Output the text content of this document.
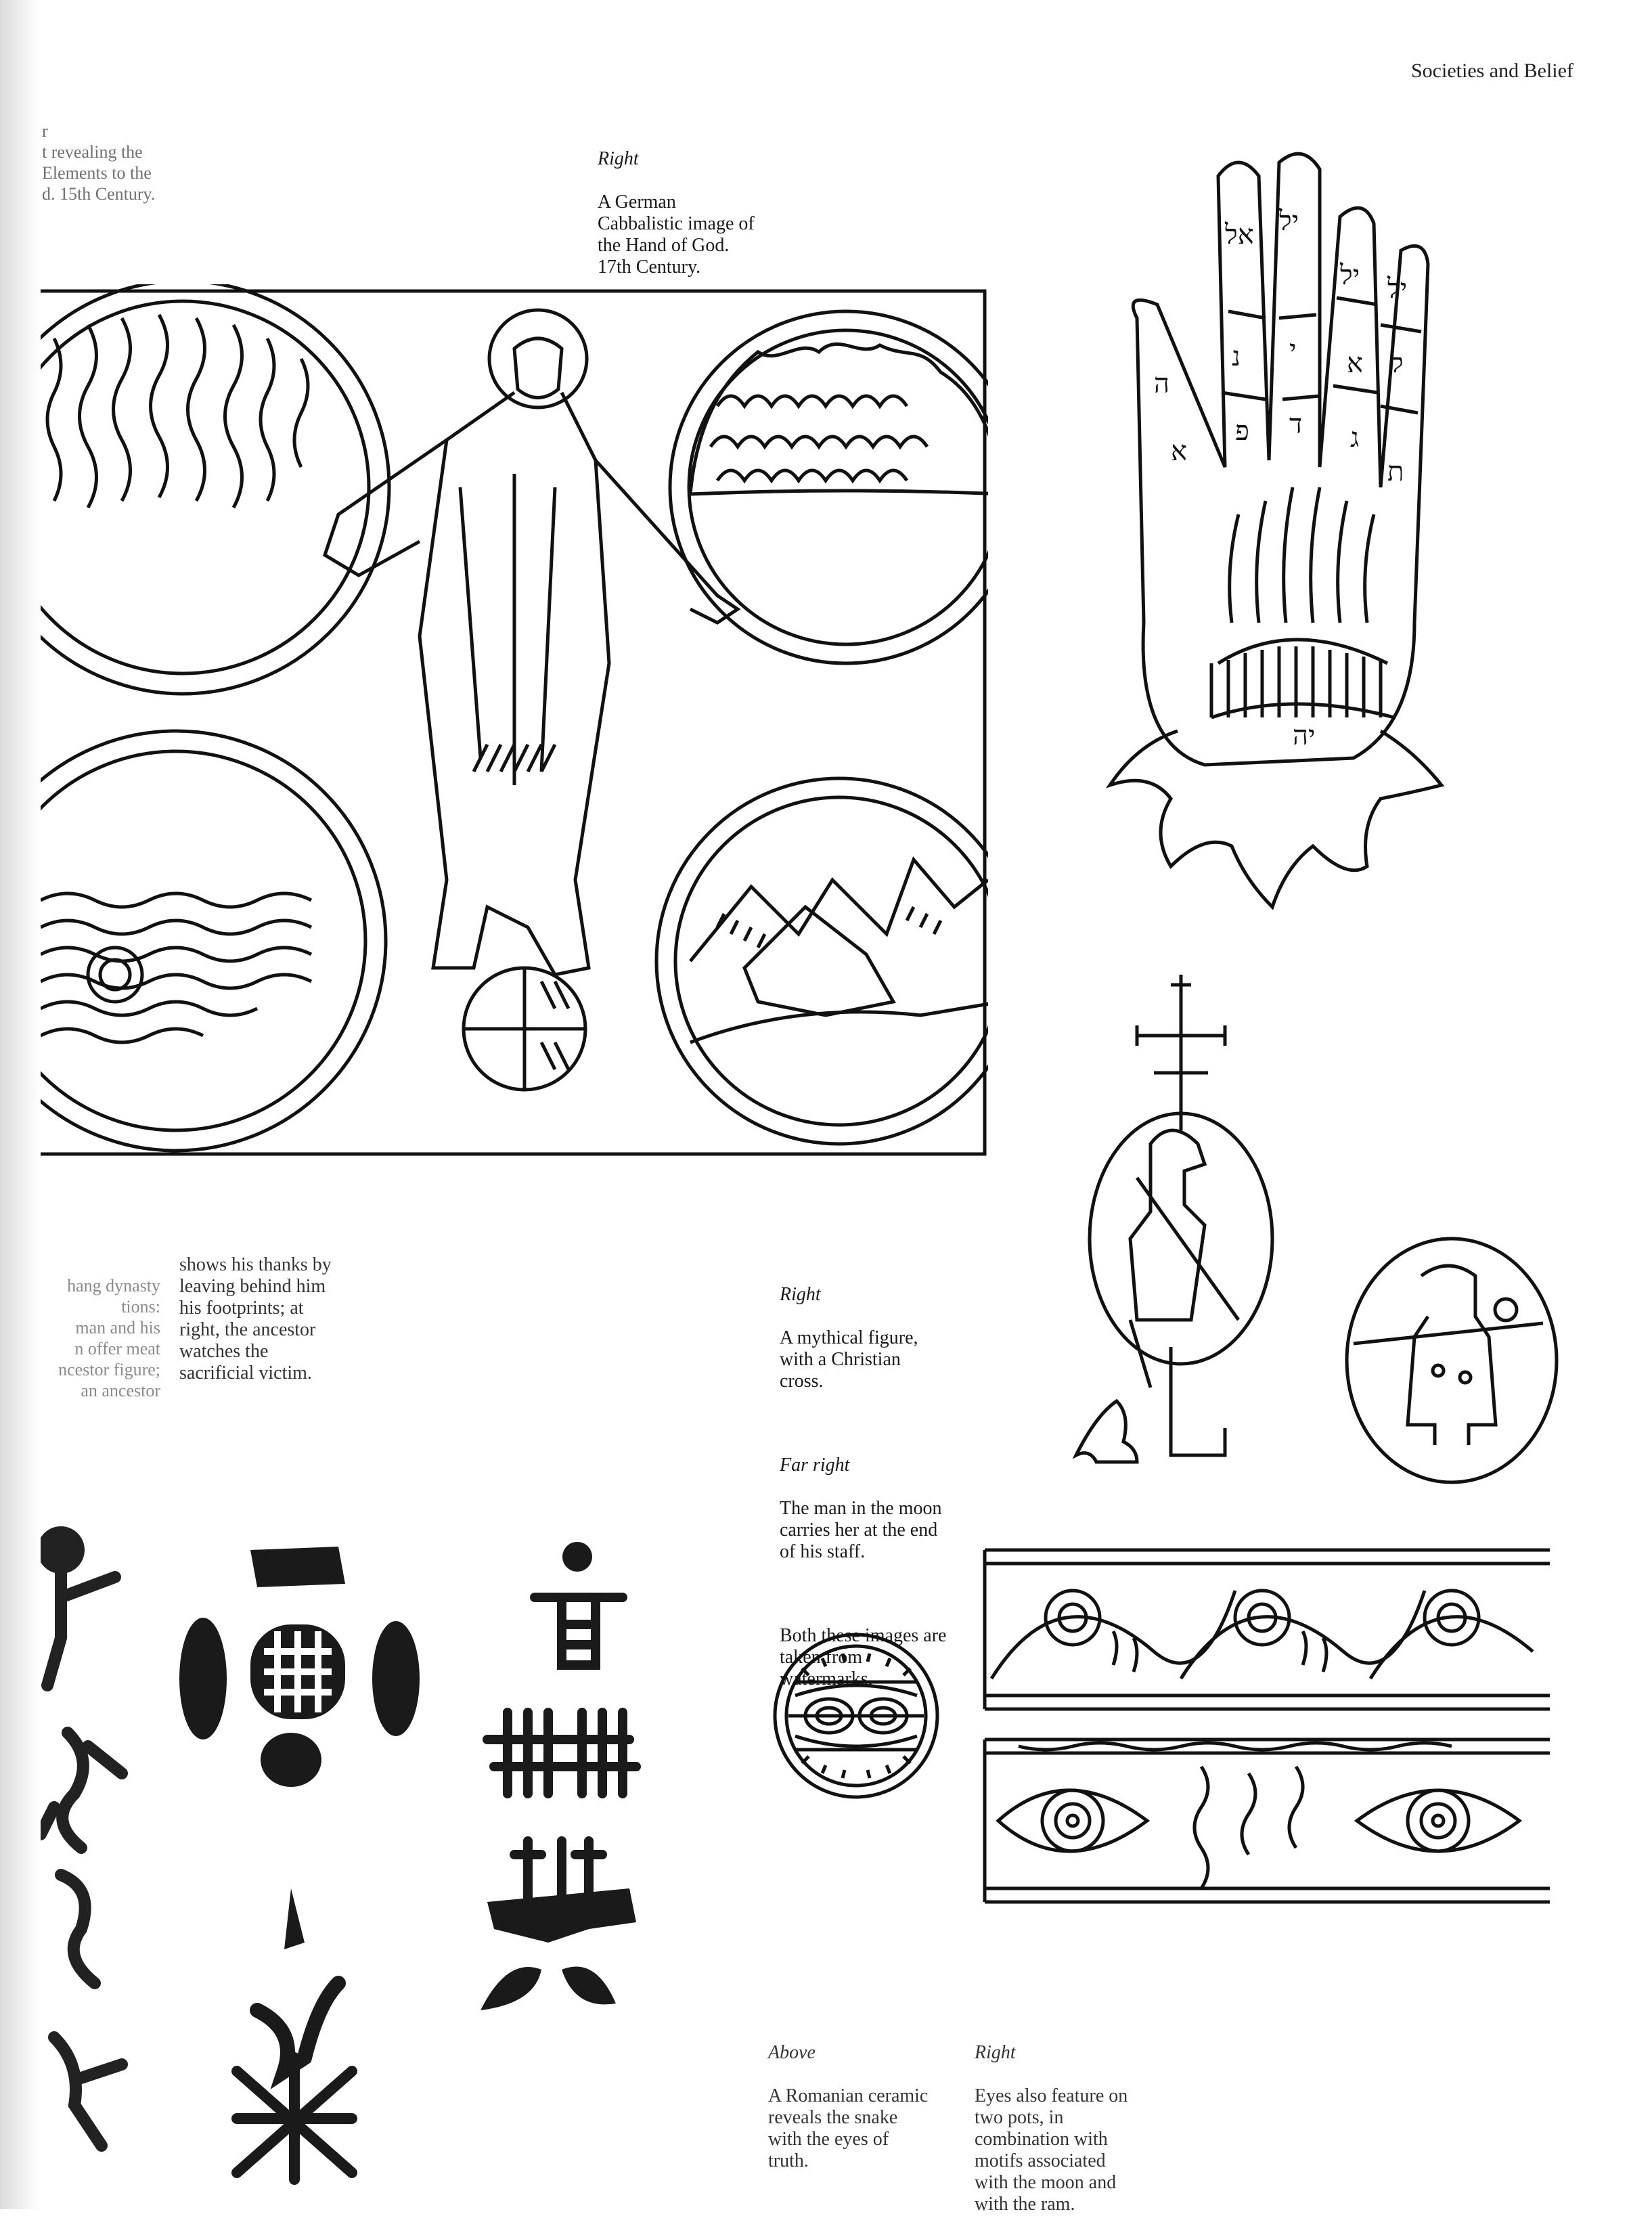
Societies and Belief
r
t revealing the
Elements to the
d. 15th Century.

Right

A German
Cabbalistic image of
the Hand of God.
17th Century.

ה
א
אל
נ
פ
יל
י
ד
יל
א
ג
יל
ל
ת
יה
hang dynasty
tions:
man and his
n offer meat
ncestor figure;
an ancestor
shows his thanks by
leaving behind him
his footprints; at
right, the ancestor
watches the
sacrificial victim.

Right

A mythical figure,
with a Christian
cross.

Far right

The man in the moon
carries her at the end
of his staff.

Both these images are
taken from
watermarks.

Above

A Romanian ceramic
reveals the snake
with the eyes of
truth.

Right

Eyes also feature on
two pots, in
combination with
motifs associated
with the moon and
with the ram.
